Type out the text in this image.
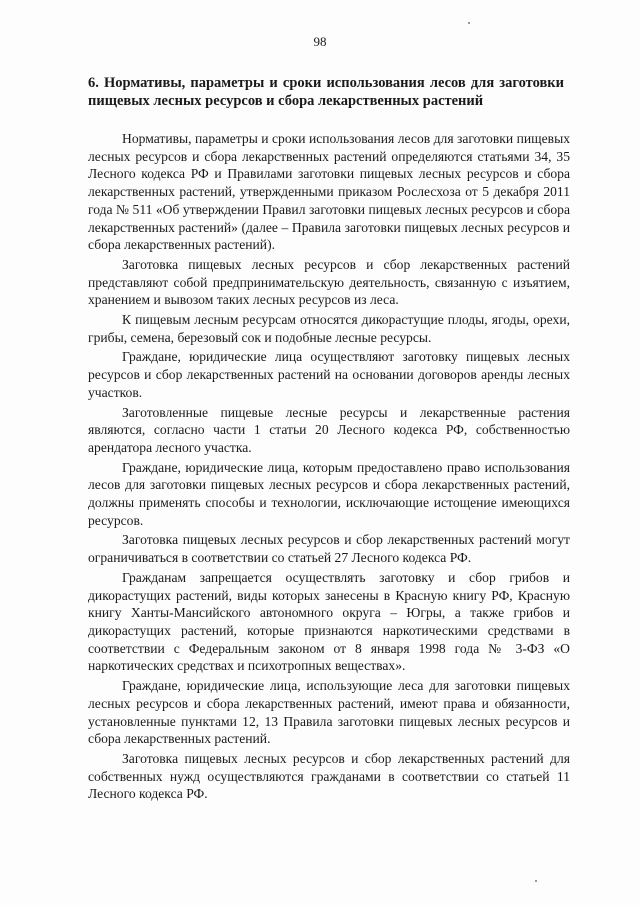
98
6. Нормативы, параметры и сроки использования лесов для заготовки пищевых лесных ресурсов и сбора лекарственных растений

Нормативы, параметры и сроки использования лесов для заготовки пищевых лесных ресурсов и сбора лекарственных растений определяются статьями 34, 35 Лесного кодекса РФ и Правилами заготовки пищевых лесных ресурсов и сбора лекарственных растений, утвержденными приказом Рослесхоза от 5 декабря 2011 года № 511 «Об утверждении Правил заготовки пищевых лесных ресурсов и сбора лекарственных растений» (далее – Правила заготовки пищевых лесных ресурсов и сбора лекарственных растений).

Заготовка пищевых лесных ресурсов и сбор лекарственных растений представляют собой предпринимательскую деятельность, связанную с изъятием, хранением и вывозом таких лесных ресурсов из леса.

К пищевым лесным ресурсам относятся дикорастущие плоды, ягоды, орехи, грибы, семена, березовый сок и подобные лесные ресурсы.

Граждане, юридические лица осуществляют заготовку пищевых лесных ресурсов и сбор лекарственных растений на основании договоров аренды лесных участков.

Заготовленные пищевые лесные ресурсы и лекарственные растения являются, согласно части 1 статьи 20 Лесного кодекса РФ, собственностью арендатора лесного участка.

Граждане, юридические лица, которым предоставлено право использования лесов для заготовки пищевых лесных ресурсов и сбора лекарственных растений, должны применять способы и технологии, исключающие истощение имеющихся ресурсов.

Заготовка пищевых лесных ресурсов и сбор лекарственных растений могут ограничиваться в соответствии со статьей 27 Лесного кодекса РФ.

Гражданам запрещается осуществлять заготовку и сбор грибов и дикорастущих растений, виды которых занесены в Красную книгу РФ, Красную книгу Ханты-Мансийского автономного округа – Югры, а также грибов и дикорастущих растений, которые признаются наркотическими средствами в соответствии с Федеральным законом от 8 января 1998 года № 3-ФЗ «О наркотических средствах и психотропных веществах».

Граждане, юридические лица, использующие леса для заготовки пищевых лесных ресурсов и сбора лекарственных растений, имеют права и обязанности, установленные пунктами 12, 13 Правила заготовки пищевых лесных ресурсов и сбора лекарственных растений.

Заготовка пищевых лесных ресурсов и сбор лекарственных растений для собственных нужд осуществляются гражданами в соответствии со статьей 11 Лесного кодекса РФ.
